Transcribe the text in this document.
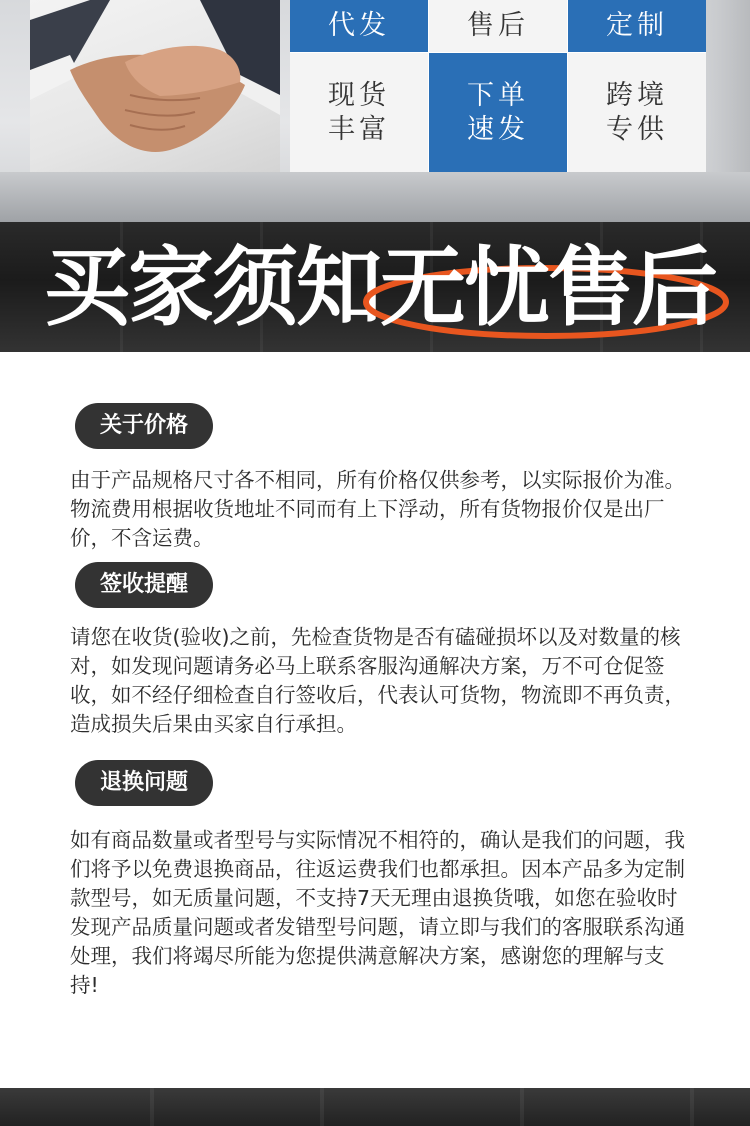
代发	售后	定制
现货
丰富
下单
速发
跨境
专供
买家须知 无忧售后
关于价格
由于产品规格尺寸各不相同，所有价格仅供参考，以实际报价为准。物流费用根据收货地址不同而有上下浮动，所有货物报价仅是出厂价，不含运费。
签收提醒
请您在收货(验收)之前，先检查货物是否有磕碰损坏以及对数量的核对，如发现问题请务必马上联系客服沟通解决方案，万不可仓促签收，如不经仔细检查自行签收后，代表认可货物，物流即不再负责，造成损失后果由买家自行承担。
退换问题
如有商品数量或者型号与实际情况不相符的，确认是我们的问题，我们将予以免费退换商品，往返运费我们也都承担。因本产品多为定制款型号，如无质量问题，不支持7天无理由退换货哦，如您在验收时发现产品质量问题或者发错型号问题，请立即与我们的客服联系沟通处理，我们将竭尽所能为您提供满意解决方案，感谢您的理解与支持!
